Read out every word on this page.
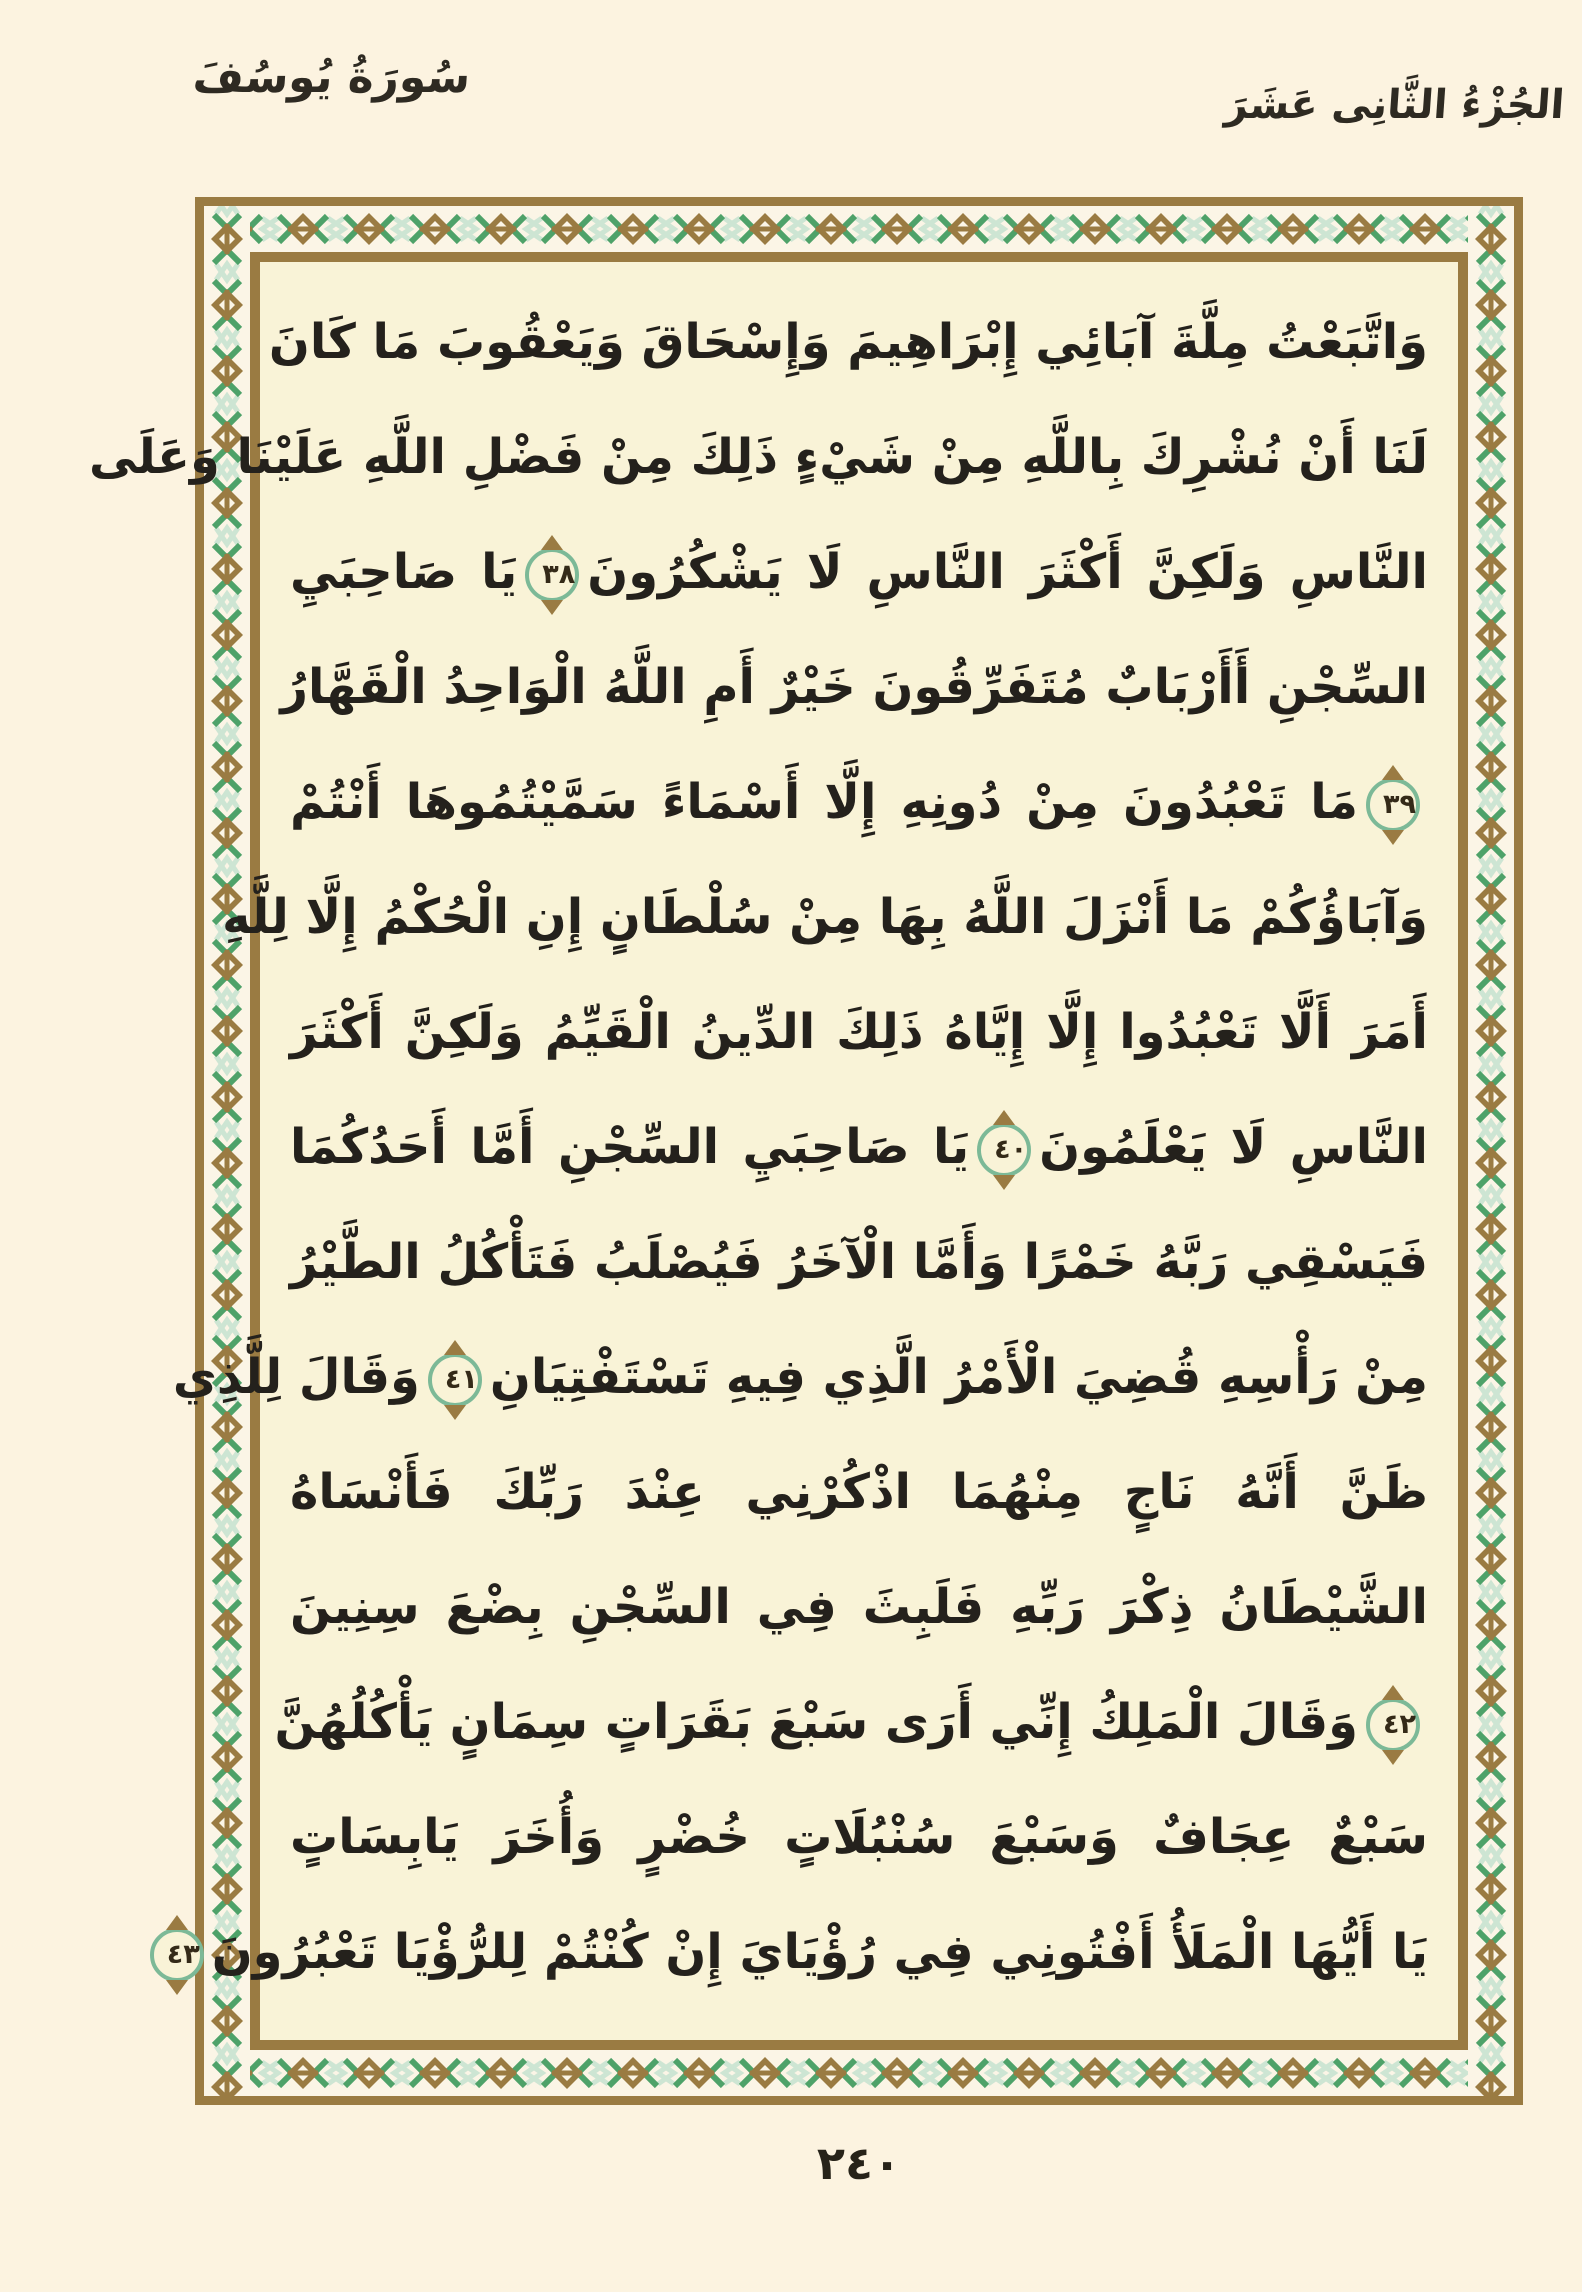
سُورَةُ يُوسُفَ
الجُزْءُ الثَّانِى عَشَرَ
وَاتَّبَعْتُ مِلَّةَ آبَائِي إِبْرَاهِيمَ وَإِسْحَاقَ وَيَعْقُوبَ مَا كَانَ
لَنَا أَنْ نُشْرِكَ بِاللَّهِ مِنْ شَيْءٍ ذَلِكَ مِنْ فَضْلِ اللَّهِ عَلَيْنَا وَعَلَى
النَّاسِ وَلَكِنَّ أَكْثَرَ النَّاسِ لَا يَشْكُرُونَ٣٨يَا صَاحِبَيِ
السِّجْنِ أَأَرْبَابٌ مُتَفَرِّقُونَ خَيْرٌ أَمِ اللَّهُ الْوَاحِدُ الْقَهَّارُ
٣٩مَا تَعْبُدُونَ مِنْ دُونِهِ إِلَّا أَسْمَاءً سَمَّيْتُمُوهَا أَنْتُمْ
وَآبَاؤُكُمْ مَا أَنْزَلَ اللَّهُ بِهَا مِنْ سُلْطَانٍ إِنِ الْحُكْمُ إِلَّا لِلَّهِ
أَمَرَ أَلَّا تَعْبُدُوا إِلَّا إِيَّاهُ ذَلِكَ الدِّينُ الْقَيِّمُ وَلَكِنَّ أَكْثَرَ
النَّاسِ لَا يَعْلَمُونَ٤٠يَا صَاحِبَيِ السِّجْنِ أَمَّا أَحَدُكُمَا
فَيَسْقِي رَبَّهُ خَمْرًا وَأَمَّا الْآخَرُ فَيُصْلَبُ فَتَأْكُلُ الطَّيْرُ
مِنْ رَأْسِهِ قُضِيَ الْأَمْرُ الَّذِي فِيهِ تَسْتَفْتِيَانِ٤١وَقَالَ لِلَّذِي
ظَنَّ أَنَّهُ نَاجٍ مِنْهُمَا اذْكُرْنِي عِنْدَ رَبِّكَ فَأَنْسَاهُ
الشَّيْطَانُ ذِكْرَ رَبِّهِ فَلَبِثَ فِي السِّجْنِ بِضْعَ سِنِينَ
٤٢وَقَالَ الْمَلِكُ إِنِّي أَرَى سَبْعَ بَقَرَاتٍ سِمَانٍ يَأْكُلُهُنَّ
سَبْعٌ عِجَافٌ وَسَبْعَ سُنْبُلَاتٍ خُضْرٍ وَأُخَرَ يَابِسَاتٍ
يَا أَيُّهَا الْمَلَأُ أَفْتُونِي فِي رُؤْيَايَ إِنْ كُنْتُمْ لِلرُّؤْيَا تَعْبُرُونَ٤٣
٢٤٠
